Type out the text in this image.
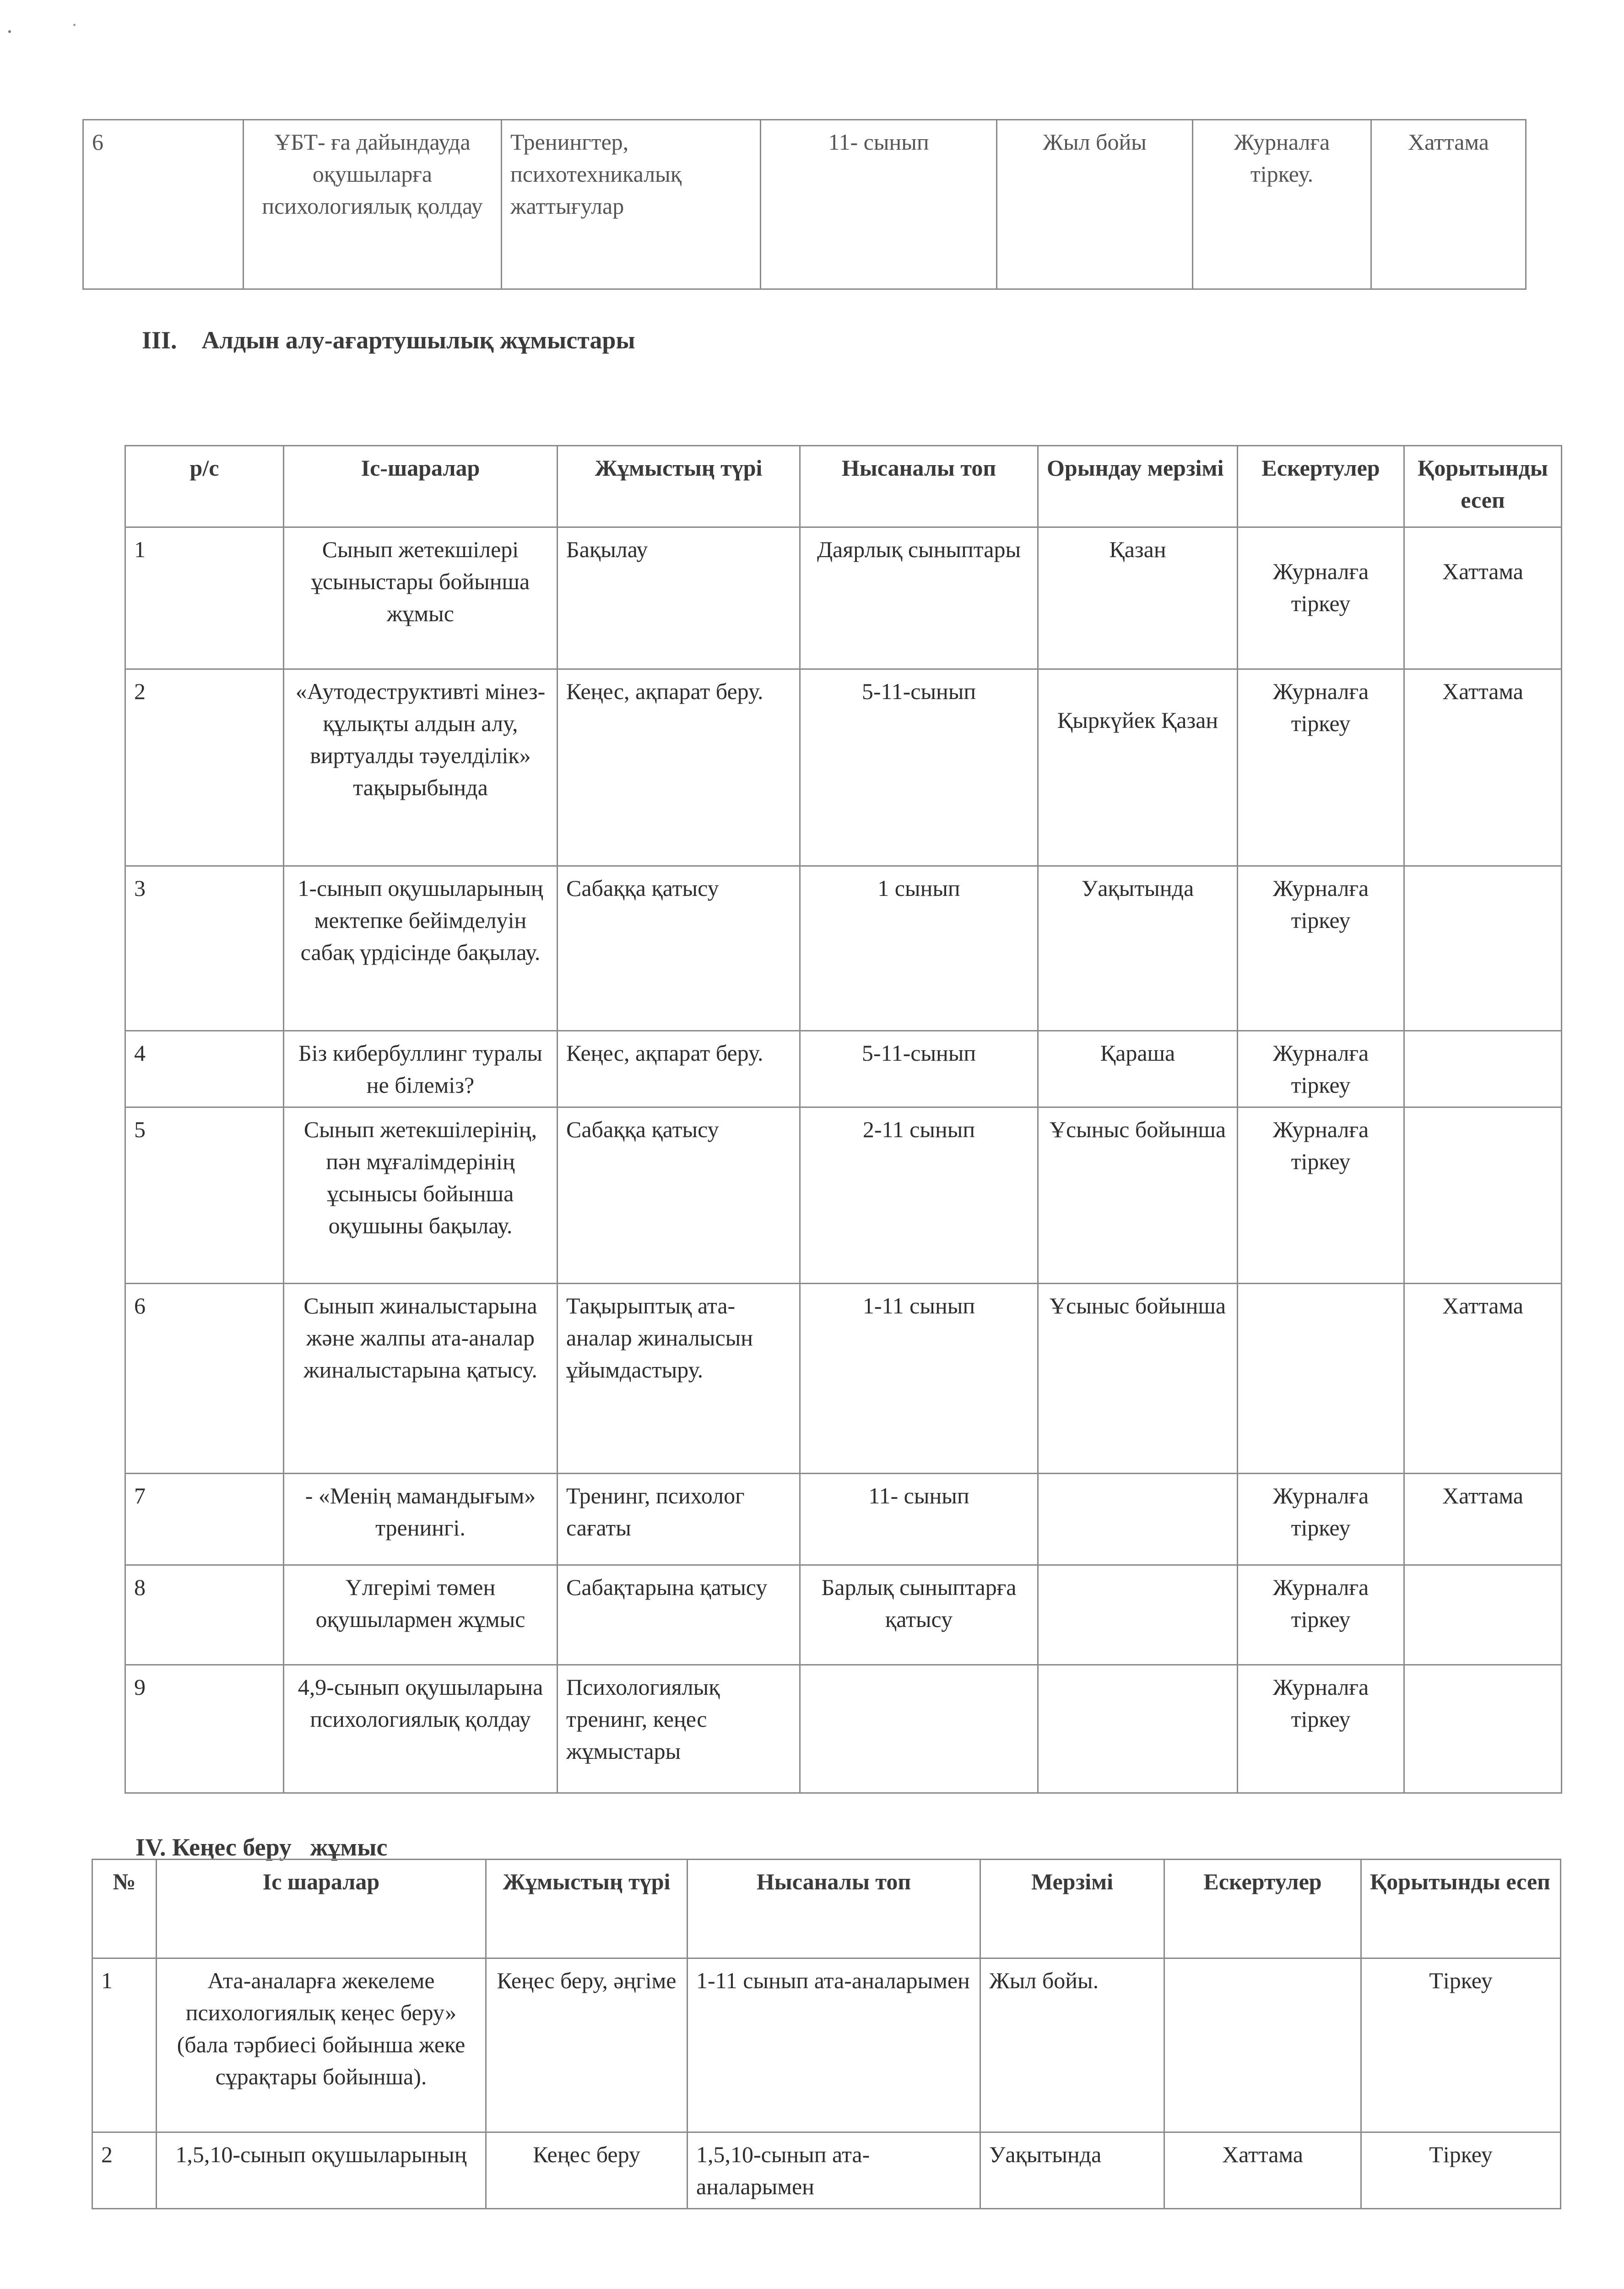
6	ҰБТ- ға дайындауда оқушыларға психологиялық қолдау	Тренингтер, психотехникалық жаттығулар	11- сынып	Жыл бойы	Журналға тіркеу.	Хаттама
III.    Алдын алу-ағартушылық жұмыстары
р/с	Іс-шаралар	Жұмыстың түрі	Нысаналы топ	Орындау мерзімі	Ескертулер	Қорытынды есеп
1	Сынып жетекшілері ұсыныстары бойынша жұмыс	Бақылау	Даярлық сыныптары	Қазан	Журналға тіркеу	Хаттама
2	«Аутодеструктивті мінез-құлықты алдын алу, виртуалды тәуелділік» тақырыбында	Кеңес, ақпарат беру.	5-11-сынып	Қыркүйек Қазан	Журналға тіркеу	Хаттама
3	1-сынып оқушыларының мектепке бейімделуін сабақ үрдісінде бақылау.	Сабаққа қатысу	1 сынып	Уақытында	Журналға тіркеу	
4	Біз кибербуллинг туралы не білеміз?	Кеңес, ақпарат беру.	5-11-сынып	Қараша	Журналға тіркеу	
5	Сынып жетекшілерінің, пән мұғалімдерінің ұсынысы бойынша оқушыны бақылау.	Сабаққа қатысу	2-11 сынып	Ұсыныс бойынша	Журналға тіркеу	
6	Сынып жиналыстарына және жалпы ата-аналар жиналыстарына қатысу.	Тақырыптық ата-аналар жиналысын ұйымдастыру.	1-11 сынып	Ұсыныс бойынша		Хаттама
7	- «Менің мамандығым» тренингі.	Тренинг, психолог сағаты	11- сынып		Журналға тіркеу	Хаттама
8	Үлгерімі төмен оқушылармен жұмыс	Сабақтарына қатысу	Барлық сыныптарға қатысу		Журналға тіркеу	
9	4,9-сынып оқушыларына психологиялық қолдау	Психологиялық тренинг, кеңес жұмыстары			Журналға тіркеу	
IV. Кеңес беру   жұмыс
№	Іс шаралар	Жұмыстың түрі	Нысаналы топ	Мерзімі	Ескертулер	Қорытынды есеп
1	Ата-аналарға жекелеме психологиялық кеңес беру» (бала тәрбиесі бойынша жеке сұрақтары бойынша).	Кеңес беру, әңгіме	1-11 сынып ата-аналарымен	Жыл бойы.		Тіркеу
2	1,5,10-сынып оқушыларының	Кеңес беру	1,5,10-сынып ата-аналарымен	Уақытында	Хаттама	Тіркеу
